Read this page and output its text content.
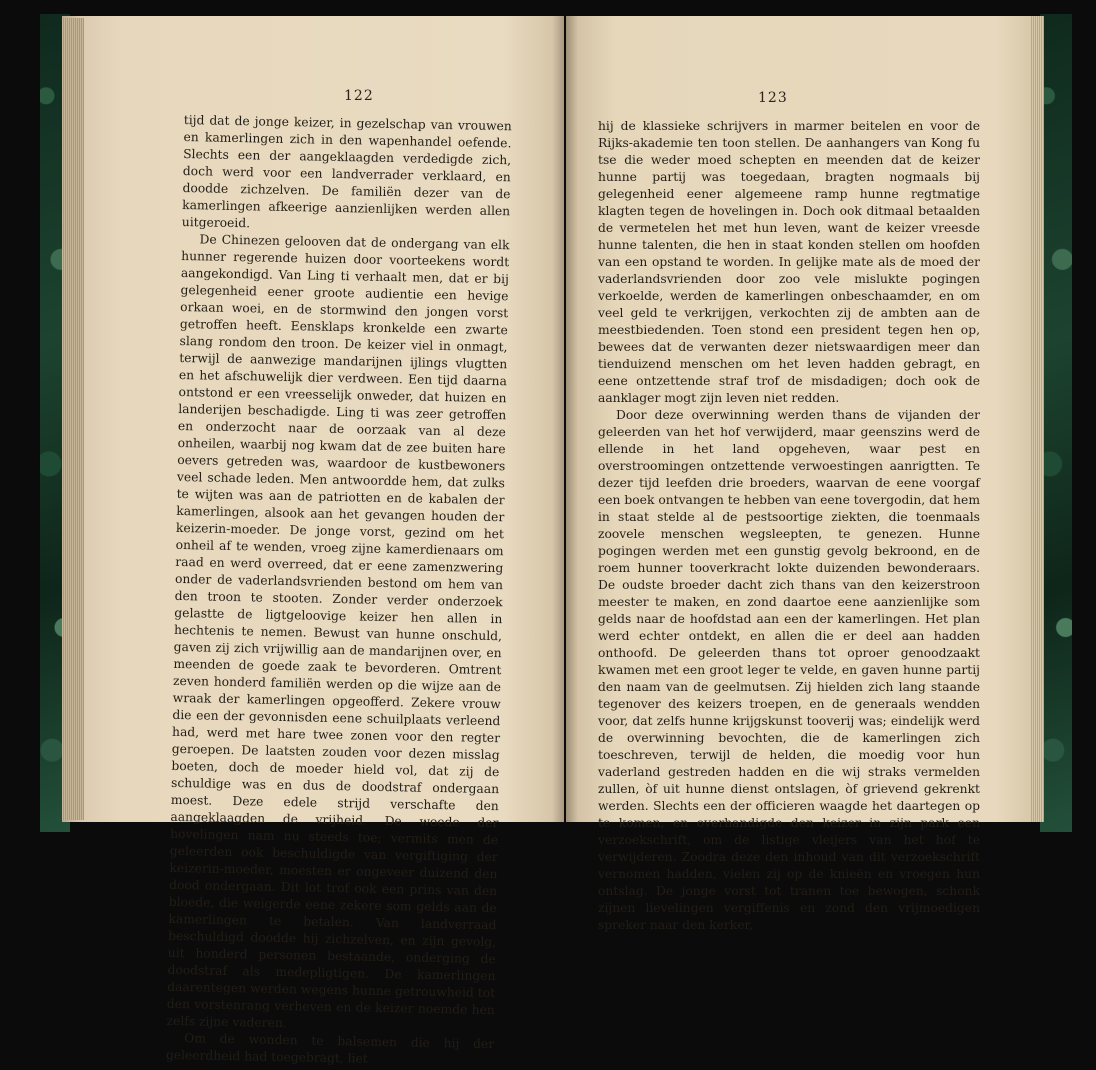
122

tijd dat de jonge keizer, in gezelschap van vrouwen en kamerlingen zich in den wapenhandel oefende. Slechts een der aangeklaagden verdedigde zich, doch werd voor een landverrader verklaard, en doodde zichzelven. De familiën dezer van de kamerlingen afkeerige aanzienlijken werden allen uitgeroeid.

De Chinezen gelooven dat de ondergang van elk hunner regerende huizen door voorteekens wordt aangekondigd. Van Ling ti verhaalt men, dat er bij gelegenheid eener groote audientie een hevige orkaan woei, en de stormwind den jongen vorst getroffen heeft. Eensklaps kronkelde een zwarte slang rondom den troon. De keizer viel in onmagt, terwijl de aanwezige mandarijnen ijlings vlugtten en het afschuwelijk dier verdween. Een tijd daarna ontstond er een vreesselijk onweder, dat huizen en landerijen beschadigde. Ling ti was zeer getroffen en onderzocht naar de oorzaak van al deze onheilen, waarbij nog kwam dat de zee buiten hare oevers getreden was, waardoor de kustbewoners veel schade leden. Men antwoordde hem, dat zulks te wijten was aan de patriotten en de kabalen der kamerlingen, alsook aan het gevangen houden der keizerin-moeder. De jonge vorst, gezind om het onheil af te wenden, vroeg zijne kamerdienaars om raad en werd overreed, dat er eene zamenzwering onder de vaderlandsvrienden bestond om hem van den troon te stooten. Zonder verder onderzoek gelastte de ligtgeloovige keizer hen allen in hechtenis te nemen. Bewust van hunne onschuld, gaven zij zich vrijwillig aan de mandarijnen over, en meenden de goede zaak te bevorderen. Omtrent zeven honderd familiën werden op die wijze aan de wraak der kamerlingen opgeofferd. Zekere vrouw die een der gevonnisden eene schuilplaats verleend had, werd met hare twee zonen voor den regter geroepen. De laatsten zouden voor dezen misslag boeten, doch de moeder hield vol, dat zij de schuldige was en dus de doodstraf ondergaan moest. Deze edele strijd verschafte den aangeklaagden de vrijheid. De woede der hovelingen nam nu steeds toe; vermits men de geleerden ook beschuldigde van vergiftiging der keizerin-moeder, moesten er ongeveer duizend den dood ondergaan. Dit lot trof ook een prins van den bloede, die weigerde eene zekere som gelds aan de kamerlingen te betalen. Van landverraad beschuldigd doodde hij zichzelven, en zijn gevolg, uit honderd personen bestaande, onderging de doodstraf als medepligtigen. De kamerlingen daarentegen werden wegens hunne getrouwheid tot den vorstenrang verheven en de keizer noemde hen zelfs zijne vaderen.

Om de wonden te balsemen die hij der geleerdheid had toegebragt, liet

123

hij de klassieke schrijvers in marmer beitelen en voor de Rijks-akademie ten toon stellen. De aanhangers van Kong fu tse die weder moed schepten en meenden dat de keizer hunne partij was toegedaan, bragten nogmaals bij gelegenheid eener algemeene ramp hunne regtmatige klagten tegen de hovelingen in. Doch ook ditmaal betaalden de vermetelen het met hun leven, want de keizer vreesde hunne talenten, die hen in staat konden stellen om hoofden van een opstand te worden. In gelijke mate als de moed der vaderlandsvrienden door zoo vele mislukte pogingen verkoelde, werden de kamerlingen onbeschaamder, en om veel geld te verkrijgen, verkochten zij de ambten aan de meestbiedenden. Toen stond een president tegen hen op, bewees dat de verwanten dezer nietswaardigen meer dan tienduizend menschen om het leven hadden gebragt, en eene ontzettende straf trof de misdadigen; doch ook de aanklager mogt zijn leven niet redden.

Door deze overwinning werden thans de vijanden der geleerden van het hof verwijderd, maar geenszins werd de ellende in het land opgeheven, waar pest en overstroomingen ontzettende verwoestingen aanrigtten. Te dezer tijd leefden drie broeders, waarvan de eene voorgaf een boek ontvangen te hebben van eene tovergodin, dat hem in staat stelde al de pestsoortige ziekten, die toenmaals zoovele menschen wegsleepten, te genezen. Hunne pogingen werden met een gunstig gevolg bekroond, en de roem hunner tooverkracht lokte duizenden bewonderaars. De oudste broeder dacht zich thans van den keizerstroon meester te maken, en zond daartoe eene aanzienlijke som gelds naar de hoofdstad aan een der kamerlingen. Het plan werd echter ontdekt, en allen die er deel aan hadden onthoofd. De geleerden thans tot oproer genoodzaakt kwamen met een groot leger te velde, en gaven hunne partij den naam van de geelmutsen. Zij hielden zich lang staande tegenover des keizers troepen, en de generaals wendden voor, dat zelfs hunne krijgskunst tooverij was; eindelijk werd de overwinning bevochten, die de kamerlingen zich toeschreven, terwijl de helden, die moedig voor hun vaderland gestreden hadden en die wij straks vermelden zullen, òf uit hunne dienst ontslagen, òf grievend gekrenkt werden. Slechts een der officieren waagde het daartegen op te komen, en overhandigde den keizer in zijn park een verzoekschrift, om de listige vleijers van het hof te verwijderen. Zoodra deze den inhoud van dit verzoekschrift vernomen hadden, vielen zij op de knieën en vroegen hun ontslag. De jonge vorst tot tranen toe bewogen, schonk zijnen lievelingen vergiffenis en zond den vrijmoedigen spreker naar den kerker,
